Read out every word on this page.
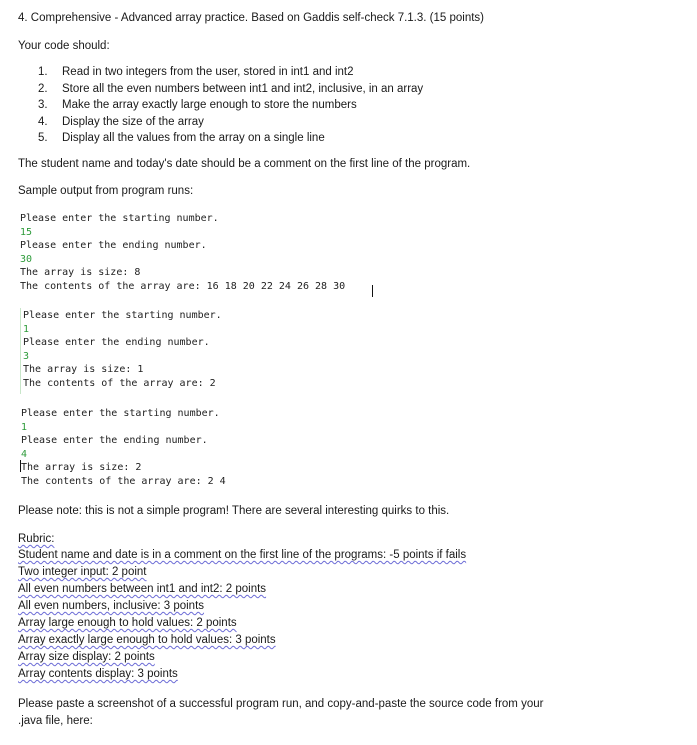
4. Comprehensive - Advanced array practice. Based on Gaddis self-check 7.1.3. (15 points)
Your code should:
1. Read in two integers from the user, stored in int1 and int2
2. Store all the even numbers between int1 and int2, inclusive, in an array
3. Make the array exactly large enough to store the numbers
4. Display the size of the array
5. Display all the values from the array on a single line
The student name and today's date should be a comment on the first line of the program.
Sample output from program runs:
Please enter the starting number.
15
Please enter the ending number.
30
The array is size: 8
The contents of the array are: 16 18 20 22 24 26 28 30
Please enter the starting number.
1
Please enter the ending number.
3
The array is size: 1
The contents of the array are: 2
Please enter the starting number.
1
Please enter the ending number.
4
The array is size: 2
The contents of the array are: 2 4
Please note: this is not a simple program! There are several interesting quirks to this.
Rubric:
Student name and date is in a comment on the first line of the programs: -5 points if fails
Two integer input: 2 point
All even numbers between int1 and int2: 2 points
All even numbers, inclusive: 3 points
Array large enough to hold values: 2 points
Array exactly large enough to hold values: 3 points
Array size display: 2 points
Array contents display: 3 points
Please paste a screenshot of a successful program run, and copy-and-paste the source code from your
.java file, here:
